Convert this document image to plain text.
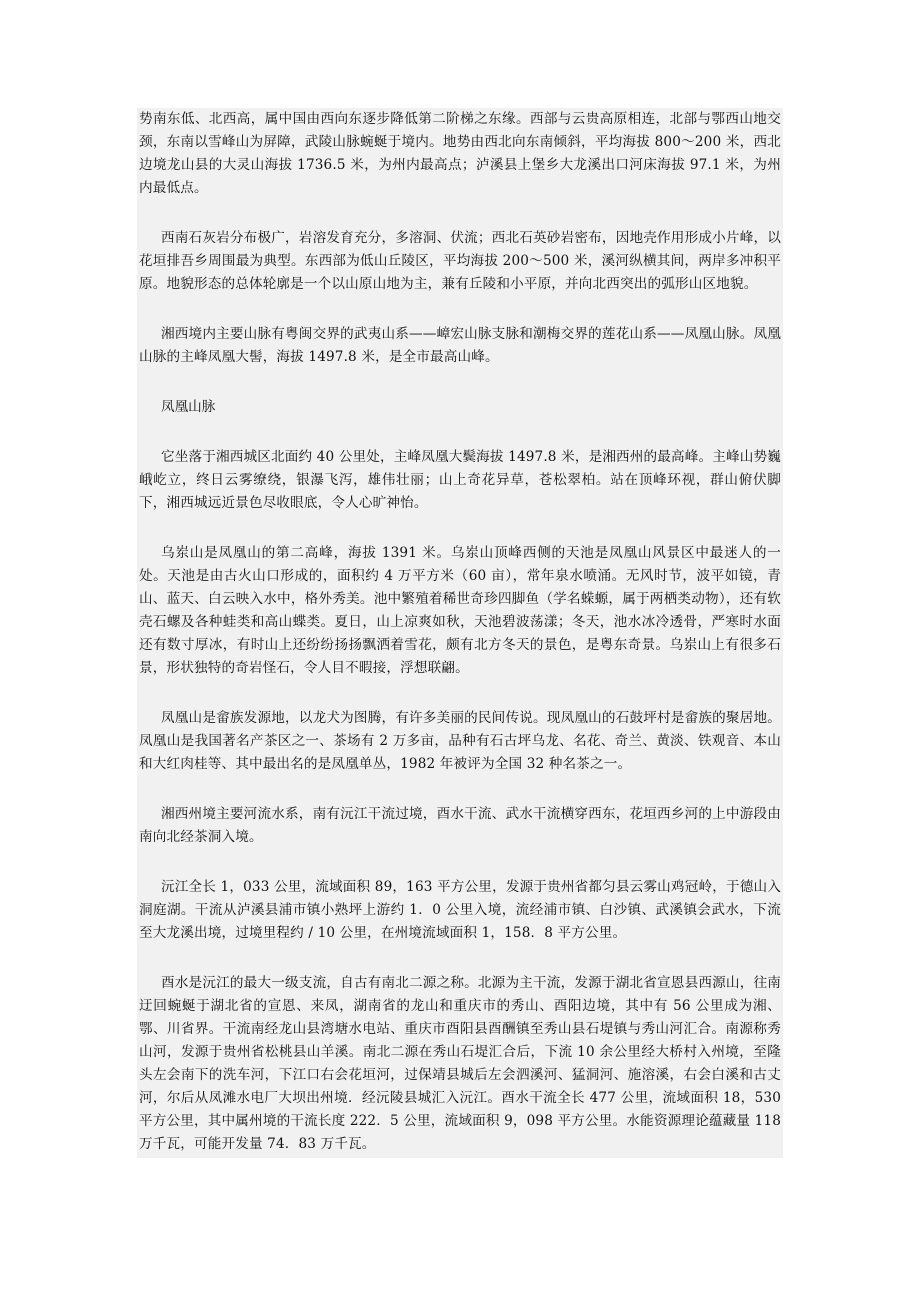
势南东低、北西高，属中国由西向东逐步降低第二阶梯之东缘。西部与云贵高原相连，北部与鄂西山地交颈，东南以雪峰山为屏障，武陵山脉蜿蜒于境内。地势由西北向东南倾斜，平均海拔 800～200 米，西北边境龙山县的大灵山海拔 1736.5 米，为州内最高点；泸溪县上堡乡大龙溪出口河床海拔 97.1 米，为州内最低点。

西南石灰岩分布极广，岩溶发育充分，多溶洞、伏流；西北石英砂岩密布，因地壳作用形成小片峰，以花垣排吾乡周围最为典型。东西部为低山丘陵区，平均海拔 200～500 米，溪河纵横其间，两岸多冲积平原。地貌形态的总体轮廓是一个以山原山地为主，兼有丘陵和小平原，并向北西突出的弧形山区地貌。

湘西境内主要山脉有粤闽交界的武夷山系——嶂宏山脉支脉和潮梅交界的莲花山系——凤凰山脉。凤凰山脉的主峰凤凰大髻，海拔 1497.8 米，是全市最高山峰。

凤凰山脉

它坐落于湘西城区北面约 40 公里处，主峰凤凰大鬓海拔 1497.8 米，是湘西州的最高峰。主峰山势巍峨屹立，终日云雾缭绕，银瀑飞泻，雄伟壮丽；山上奇花异草，苍松翠柏。站在顶峰环视，群山俯伏脚下，湘西城远近景色尽收眼底，令人心旷神怡。

乌岽山是凤凰山的第二高峰，海拔 1391 米。乌岽山顶峰西侧的天池是凤凰山风景区中最迷人的一处。天池是由古火山口形成的，面积约 4 万平方米（60 亩），常年泉水喷涌。无风时节，波平如镜，青山、蓝天、白云映入水中，格外秀美。池中繁殖着稀世奇珍四脚鱼（学名蝾螈，属于两栖类动物），还有软壳石螺及各种蛙类和高山蝶类。夏日，山上凉爽如秋，天池碧波荡漾；冬天，池水冰冷透骨，严寒时水面还有数寸厚冰，有时山上还纷纷扬扬飘洒着雪花，颇有北方冬天的景色，是粤东奇景。乌岽山上有很多石景，形状独特的奇岩怪石，令人目不暇接，浮想联翩。

凤凰山是畲族发源地，以龙犬为图腾，有许多美丽的民间传说。现凤凰山的石鼓坪村是畲族的聚居地。凤凰山是我国著名产茶区之一、茶场有 2 万多亩，品种有石古坪乌龙、名花、奇兰、黄淡、铁观音、本山和大红肉桂等、其中最出名的是凤凰单丛，1982 年被评为全国 32 种名茶之一。

湘西州境主要河流水系，南有沅江干流过境，酉水干流、武水干流横穿西东，花垣西乡河的上中游段由南向北经茶洞入境。

沅江全长 1，033 公里，流域面积 89，163 平方公里，发源于贵州省都匀县云雾山鸡冠岭，于德山入洞庭湖。干流从泸溪县浦市镇小熟坪上游约 1．0 公里入境，流经浦市镇、白沙镇、武溪镇会武水，下流至大龙溪出境，过境里程约 / 10 公里，在州境流域面积 1，158．8 平方公里。

酉水是沅江的最大一级支流，自古有南北二源之称。北源为主干流，发源于湖北省宣恩县西源山，往南迂回蜿蜒于湖北省的宣恩、来凤，湖南省的龙山和重庆市的秀山、酉阳边境，其中有 56 公里成为湘、鄂、川省界。干流南经龙山县湾塘水电站、重庆市酉阳县酉酬镇至秀山县石堤镇与秀山河汇合。南源称秀山河，发源于贵州省松桃县山羊溪。南北二源在秀山石堤汇合后，下流 10 余公里经大桥村入州境，至隆头左会南下的洗车河，下江口右会花垣河，过保靖县城后左会泗溪河、猛洞河、施溶溪，右会白溪和古丈河，尔后从凤滩水电厂大坝出州境．经沅陵县城汇入沅江。酉水干流全长 477 公里，流域面积 18，530 平方公里，其中属州境的干流长度 222．5 公里，流域面积 9，098 平方公里。水能资源理论蕴藏量 118 万千瓦，可能开发量 74．83 万千瓦。
